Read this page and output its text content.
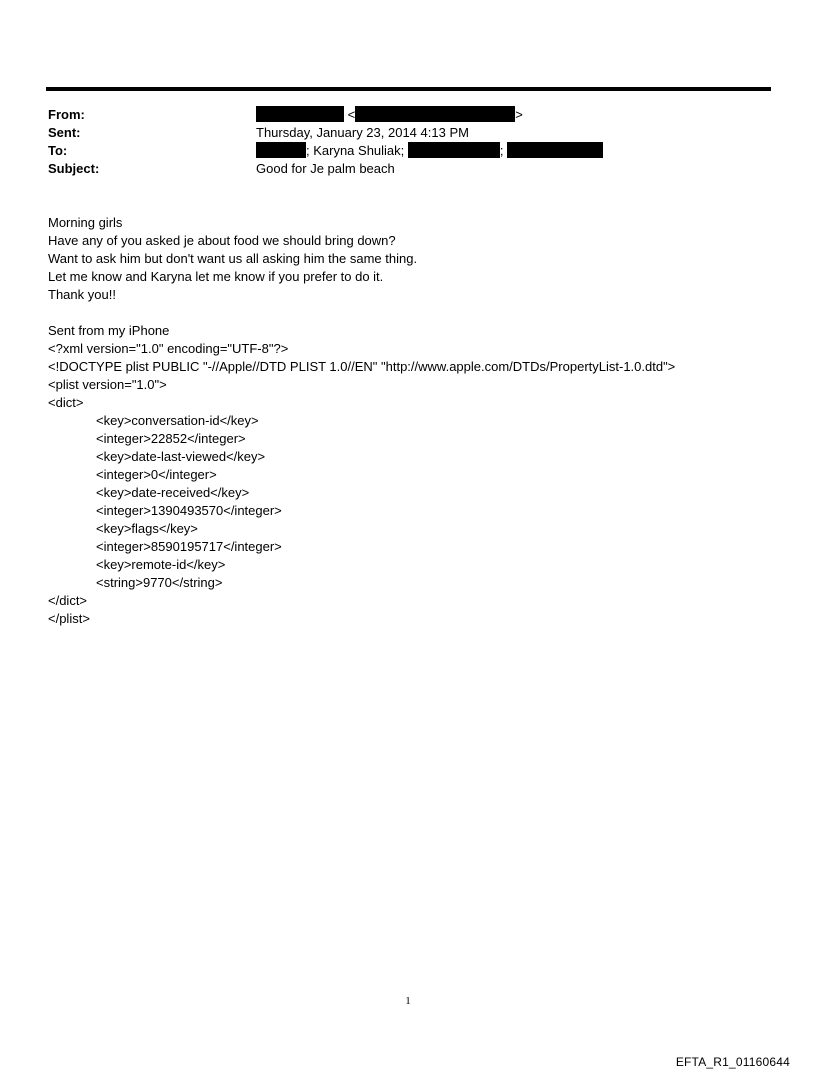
From:	<	>
Sent:	Thursday, January 23, 2014 4:13 PM
To:	; Karyna Shuliak;	;
Subject:	Good for Je palm beach
Morning girls
Have any of you asked je about food we should bring down?
Want to ask him but don't want us all asking him the same thing.
Let me know and Karyna let me know if you prefer to do it.
Thank you!!
Sent from my iPhone
<?xml version="1.0" encoding="UTF-8"?>
<!DOCTYPE plist PUBLIC "-//Apple//DTD PLIST 1.0//EN" "http://www.apple.com/DTDs/PropertyList-1.0.dtd">
<plist version="1.0">
<dict>
<key>conversation-id</key>
<integer>22852</integer>
<key>date-last-viewed</key>
<integer>0</integer>
<key>date-received</key>
<integer>1390493570</integer>
<key>flags</key>
<integer>8590195717</integer>
<key>remote-id</key>
<string>9770</string>
</dict>
</plist>
1
EFTA_R1_01160644
